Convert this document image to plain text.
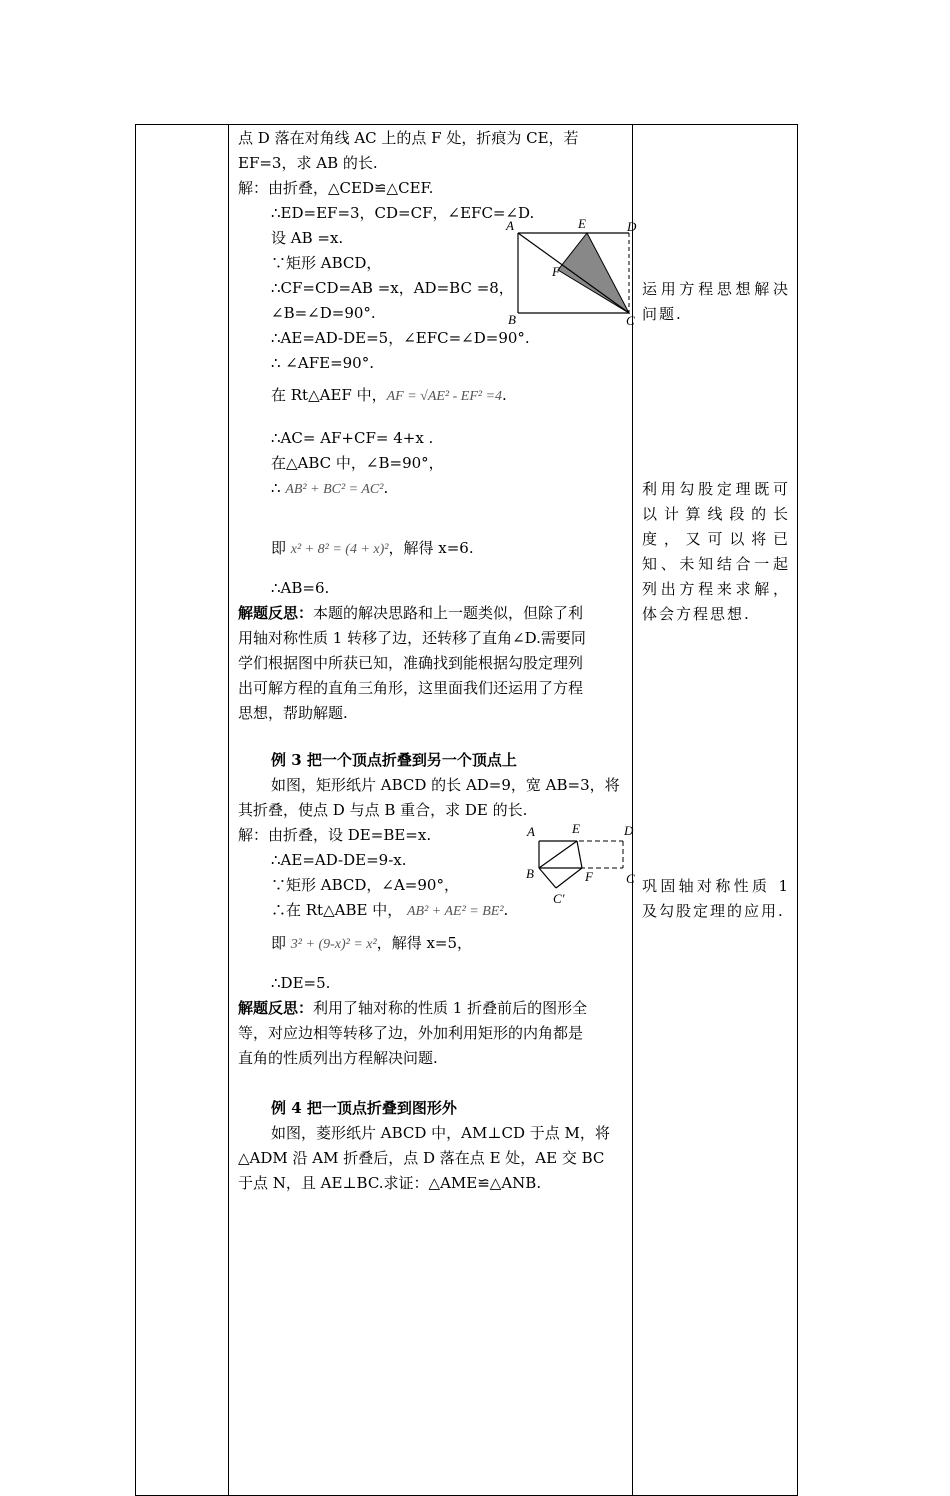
点 D 落在对角线 AC 上的点 F 处，折痕为 CE，若
EF=3，求 AB 的长.
解：由折叠，△CED≌△CEF.
∴ED=EF=3，CD=CF，∠EFC=∠D.
设 AB =x.
∵矩形 ABCD，
∴CF=CD=AB =x，AD=BC =8，
∠B=∠D=90°.
∴AE=AD-DE=5，∠EFC=∠D=90°.
∴ ∠AFE=90°.
在 Rt△AEF 中，AF = √AE² - EF² =4.
∴AC= AF+CF= 4+x .
在△ABC 中，∠B=90°，
∴ AB² + BC² = AC².
即 x² + 8² = (4 + x)²，解得 x=6.
∴AB=6.
解题反思：本题的解决思路和上一题类似，但除了利
用轴对称性质 1 转移了边，还转移了直角∠D.需要同
学们根据图中所获已知，准确找到能根据勾股定理列
出可解方程的直角三角形，这里面我们还运用了方程
思想，帮助解题.
A	E	D
F
B	C
例 3 把一个顶点折叠到另一个顶点上
如图，矩形纸片 ABCD 的长 AD=9，宽 AB=3，将
其折叠，使点 D 与点 B 重合，求 DE 的长.
解：由折叠，设 DE=BE=x.
∴AE=AD-DE=9-x.
∵矩形 ABCD，∠A=90°，
∴在 Rt△ABE 中， AB² + AE² = BE².
即 3² + (9-x)² = x²，解得 x=5，
∴DE=5.
解题反思：利用了轴对称的性质 1 折叠前后的图形全
等，对应边相等转移了边，外加利用矩形的内角都是
直角的性质列出方程解决问题.
A	E	D
B	F	C
C'
例 4 把一顶点折叠到图形外
如图，菱形纸片 ABCD 中，AM⊥CD 于点 M，将
△ADM 沿 AM 折叠后，点 D 落在点 E 处，AE 交 BC
于点 N，且 AE⊥BC.求证：△AME≌△ANB.
运用方程思想解决问题.
利用勾股定理既可以计算线段的长度，又可以将已知、未知结合一起列出方程来求解，体会方程思想.
巩固轴对称性质 1 及勾股定理的应用.
